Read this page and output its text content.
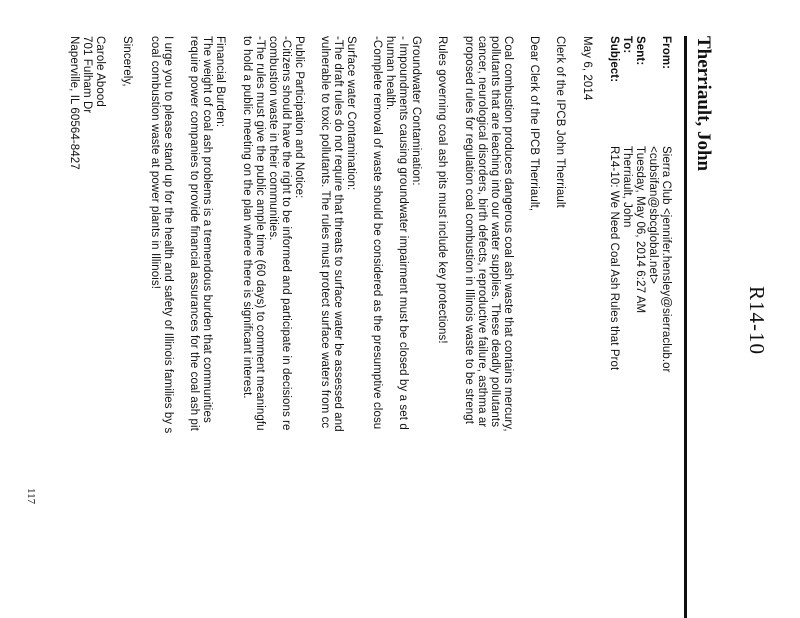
R14-10
Therriault, John
From:
Sierra Club <jennifer.hensley@sierraclub.or
<cubsifan@sbcglobal.net>
Sent:
Tuesday, May 06, 2014 6:27 AM
To:
Therriault, John
Subject:
R14-10: We Need Coal Ash Rules that Prot
May 6, 2014
Clerk of the IPCB John Therriault
Dear Clerk of the IPCB Therriault,
Coal combustion produces dangerous coal ash waste that contains mercury,
pollutants that are leaching into our water supplies. These deadly pollutants
cancer, neurological disorders, birth defects, reproductive failure, asthma ar
proposed rules for regulation coal combustion in Illinois waste to be strengt
Rules governing coal ash pits must include key protections!
Groundwater Contamination:
- Impoundments causing groundwater impairment must be closed by a set d
human health.
-Complete removal of waste should be considered as the presumptive closu
Surface water Contamination:
-The draft rules do not require that threats to surface water be assessed and
vulnerable to toxic pollutants. The rules must protect surface waters from cc
Public Participation and Notice:
-Citizens should have the right to be informed and participate in decisions re
combustion waste in their communities.
-The rules must give the public ample time (60 days) to comment meaningfu
to hold a public meeting on the plan where there is significant interest.
Financial Burden:
The weight of coal ash problems is a tremendous burden that communities
require power companies to provide financial assurances for the coal ash pit
I urge you to please stand up for the health and safety of Illinois families by s
coal combustion waste at power plants in Illinois!
Sincerely,
Carole Abood
701 Fulham Dr
Naperville, IL 60564-8427
117
